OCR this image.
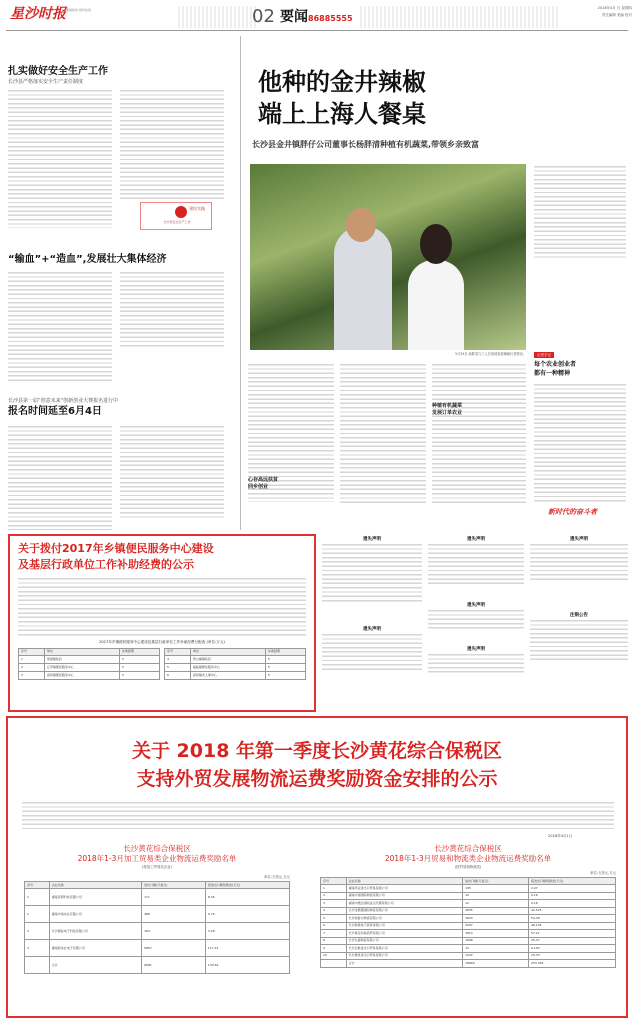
星沙时报 要闻热线 报料热线	02 要闻 86885555
2018年4月 日 星期四
责任编辑 美编 校对
扎实做好安全生产工作
长沙县严格落实安全生产责任制度
长沙县安全生产工作
建设实践
“输血”+“造血”,发展壮大集体经济
长沙县第一届“创意未来”创新创业大赛报名进行中
报名时间延至6月4日
他种的金井辣椒
端上上海人餐桌
长沙县金井镇胖仔公司董事长杨胖清种植有机蔬菜,带领乡亲致富
5月29日,杨胖清与工人在基地查看辣椒长势情况。	记者手记
每个农业创业者
都有一种精神
新时代的奋斗者
心存高远扶贫
回乡创业
种植有机蔬菜
发展订单农业
关于拨付2017年乡镇便民服务中心建设
及基层行政单位工作补助经费的公示
2017年乡镇便民服务中心建设及基层行政单位工作补助经费分配表 (单位:万元)
序号	单位	补助经费
1	果园镇政府	5
2	江背镇便民服务中心	5
3	高桥镇便民服务中心	5
序号	单位	补助经费
4	青山铺镇政府	5
5	福临镇便民服务中心	5
6	高桥镇老人事中心	5
遗失声明
遗失声明
遗失声明
遗失声明
遗失声明
遗失声明
注销公告
关于 2018 年第一季度长沙黄花综合保税区
支持外贸发展物流运费奖励资金安排的公示
2018年4月1日
长沙黄花综合保税区
2018年1-3月加工贸易类企业物流运费奖励名单
(按加工贸易类企业)
单位:万美元,万元
序号	企业名称	进出口额(万美元)	报送出口额奖励金(万元)
1	湖南亮研科技有限公司	171	8.45
2	湖南中南实业有限公司	488	9.76
3	长沙富能电子科技有限公司	164	3.28
4	湖南新金业电子有限公司	5857	117.14
	合计	6681	133.62
长沙黄花综合保税区
2018年1-3月贸易和物流类企业物流运费奖励名单
(按贸易和物流类)
单位:万美元,万元
序号	企业名称	进出口额(万美元)	报送出口额奖励金(万元)
1	湖南环亚进出口贸易有限公司	135	2.07
2	湖南中南国际物流有限公司	10	0.16
3	湖南中通达国际货运代理有限公司	12	0.18
4	长沙金霞通国际物流有限公司	2835	42.525
5	长沙信智兴物流有限公司	3624	54.36
6	长沙新港电子商务有限公司	3207	48.105
7	长沙黄花综保商贸有限公司	3814	57.21
8	长沙弘盛物流有限公司	1698	25.47
9	长沙启航进出口贸易有限公司	13	0.195
10	长沙晟世进出口贸易有限公司	1222	18.33
	合计	16890	253.335
